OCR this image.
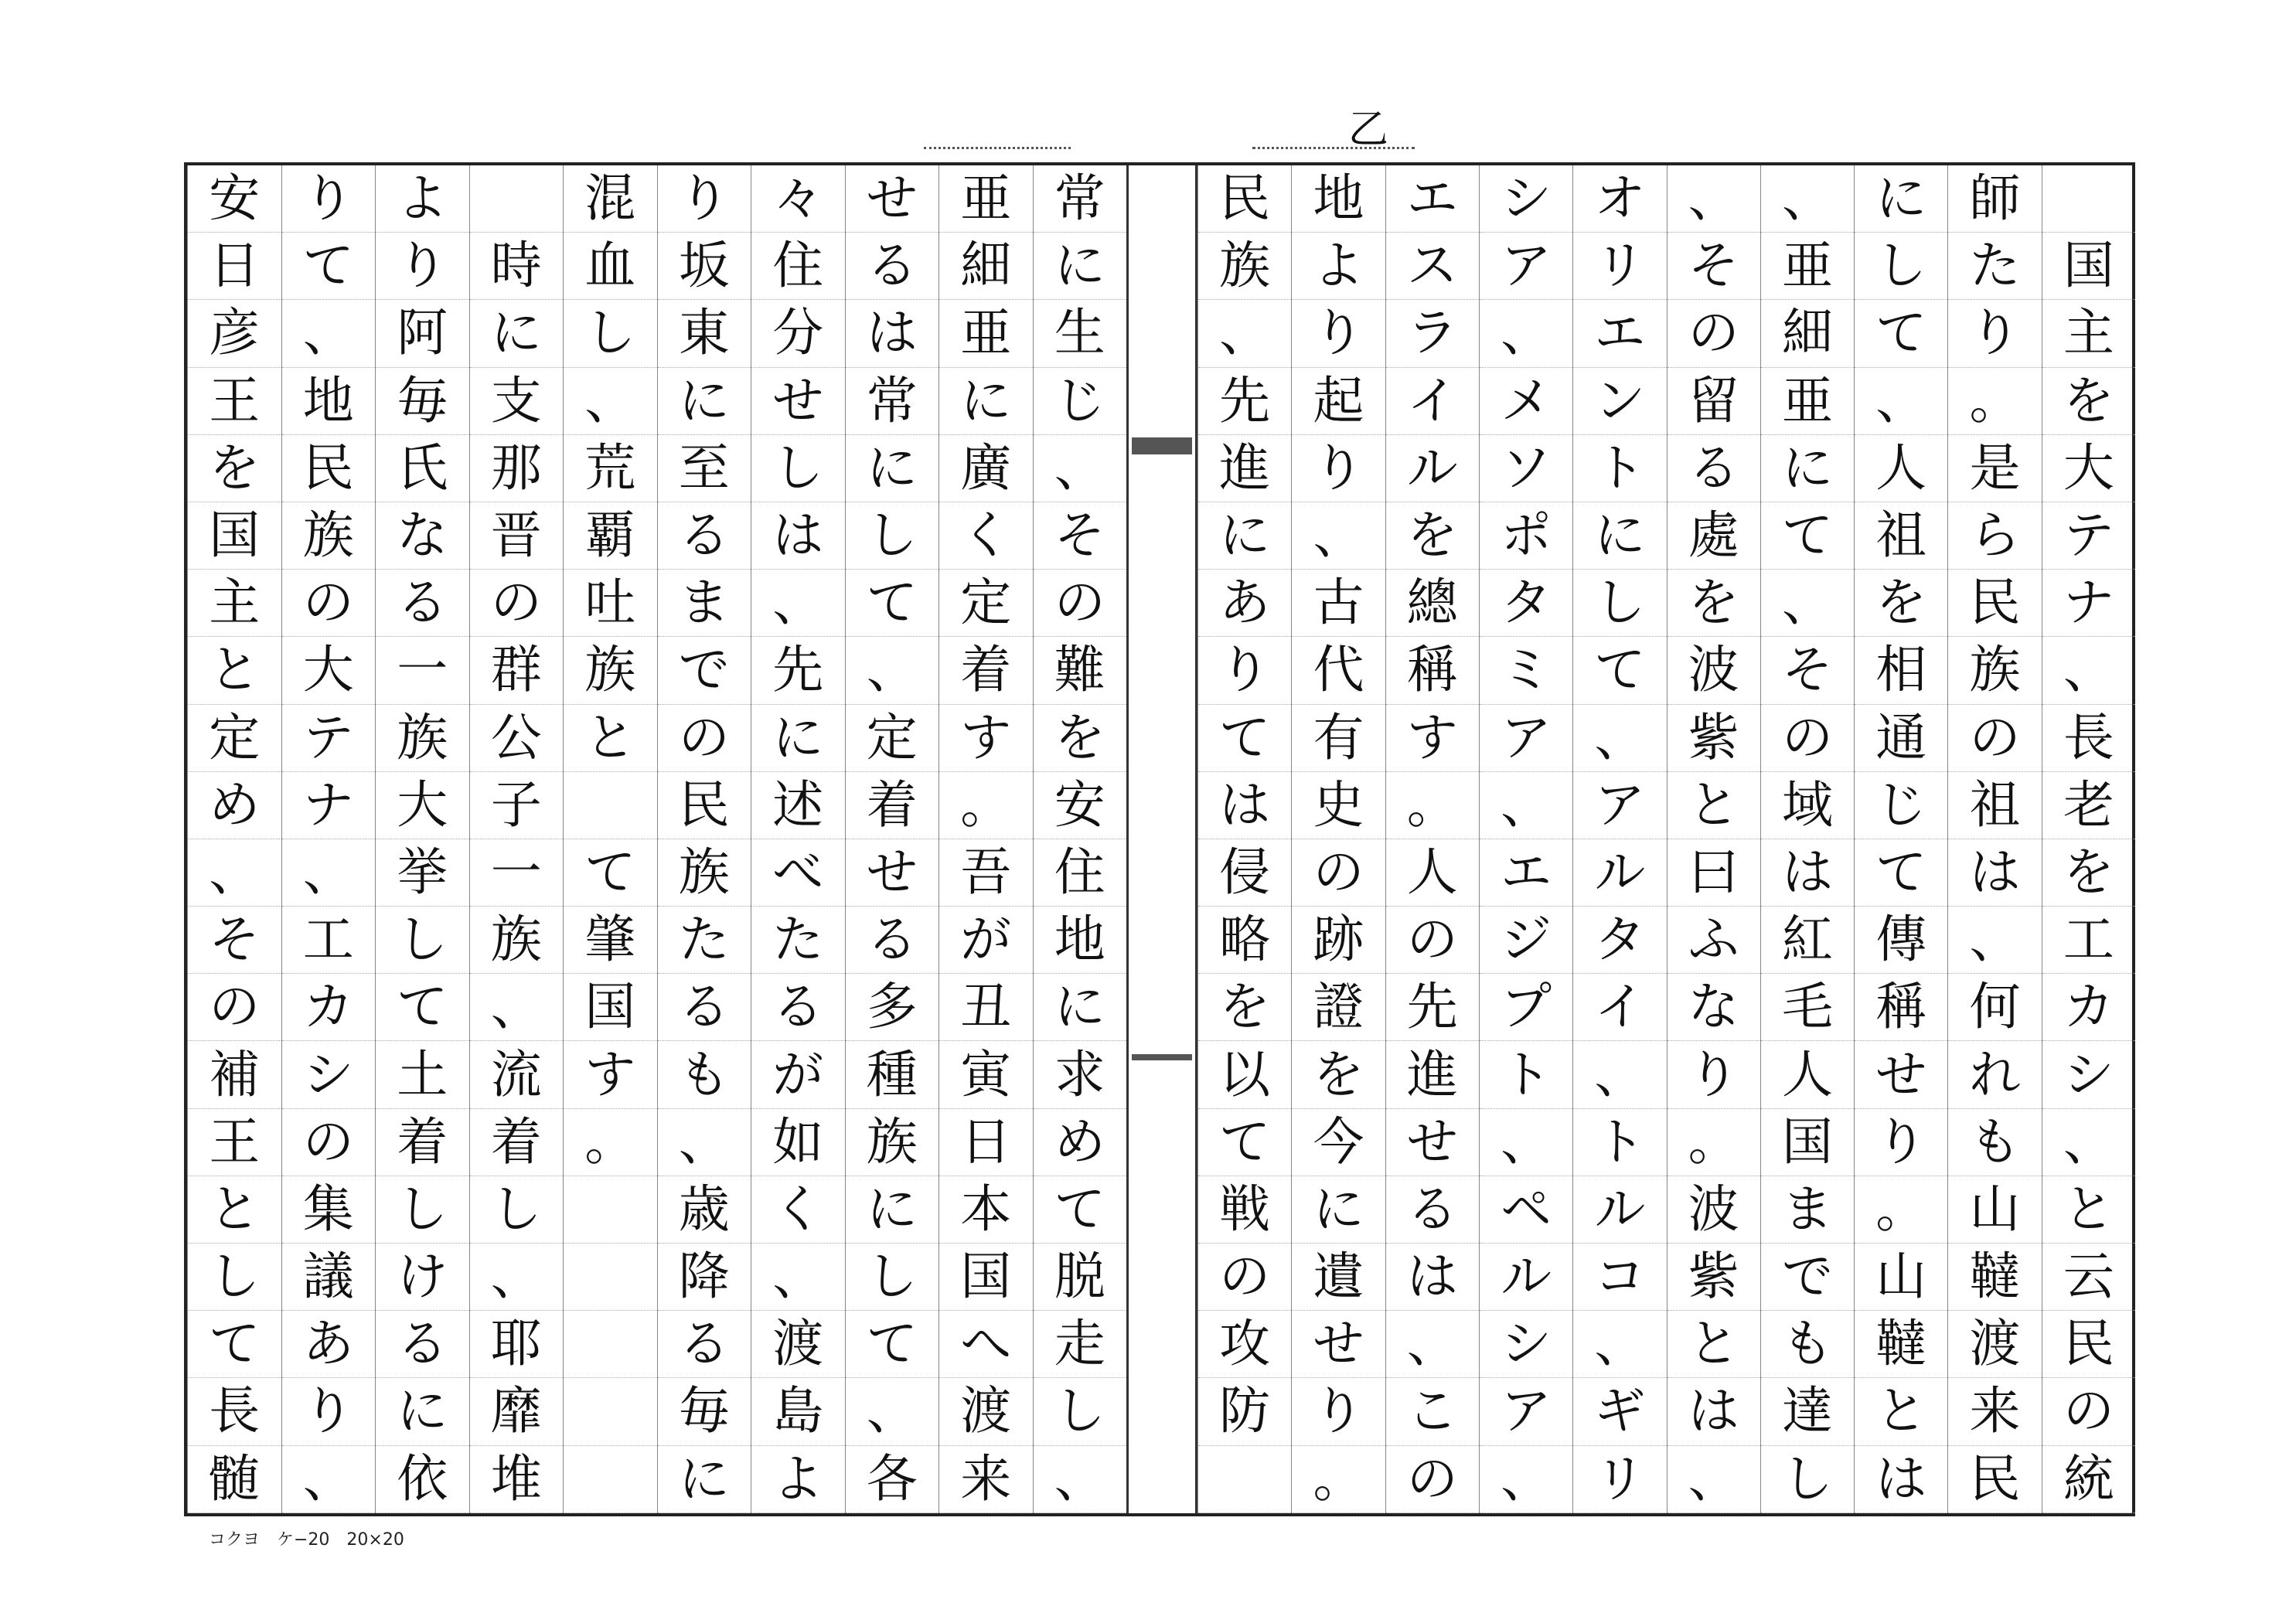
乙

国
主
を
大
テ
ナ
、
長
老
を
工
カ
シ
、
と
云
民
の
統
師
た
り
。
是
ら
民
族
の
祖
は
、
何
れ
も
山
韃
渡
来
民
に
し
て
、
人
祖
を
相
通
じ
て
傳
稱
せ
り
。
山
韃
と
は
、
亜
細
亜
に
て
、
そ
の
域
は
紅
毛
人
国
ま
で
も
達
し
、
そ
の
留
る
處
を
波
紫
と
曰
ふ
な
り
。
波
紫
と
は
、
オ
リ
エ
ン
ト
に
し
て
、
ア
ル
タ
イ
、
ト
ル
コ
、
ギ
リ
シ
ア
、
メ
ソ
ポ
タ
ミ
ア
、
エ
ジ
プ
ト
、
ペ
ル
シ
ア
、
エ
ス
ラ
イ
ル
を
總
稱
す
。
人
の
先
進
せ
る
は
、
こ
の
地
よ
り
起
り
、
古
代
有
史
の
跡
證
を
今
に
遺
せ
り
。
民
族
、
先
進
に
あ
り
て
は
侵
略
を
以
て
戦
の
攻
防
常
に
生
じ
、
そ
の
難
を
安
住
地
に
求
め
て
脱
走
し
、
亜
細
亜
に
廣
く
定
着
す
。
吾
が
丑
寅
日
本
国
へ
渡
来
せ
る
は
常
に
し
て
、
定
着
せ
る
多
種
族
に
し
て
、
各
々
住
分
せ
し
は
、
先
に
述
べ
た
る
が
如
く
、
渡
島
よ
り
坂
東
に
至
る
ま
で
の
民
族
た
る
も
、
歳
降
る
毎
に
混
血
し
、
荒
覇
吐
族
と
て
肇
国
す
。

時
に
支
那
晋
の
群
公
子
一
族
、
流
着
し
、
耶
靡
堆
よ
り
阿
毎
氏
な
る
一
族
大
挙
し
て
土
着
し
け
る
に
依
り
て
、
地
民
族
の
大
テ
ナ
、
工
カ
シ
の
集
議
あ
り
、
安
日
彦
王
を
国
主
と
定
め
、
そ
の
補
王
と
し
て
長
髄
コクヨ　ケ−20　20×20
